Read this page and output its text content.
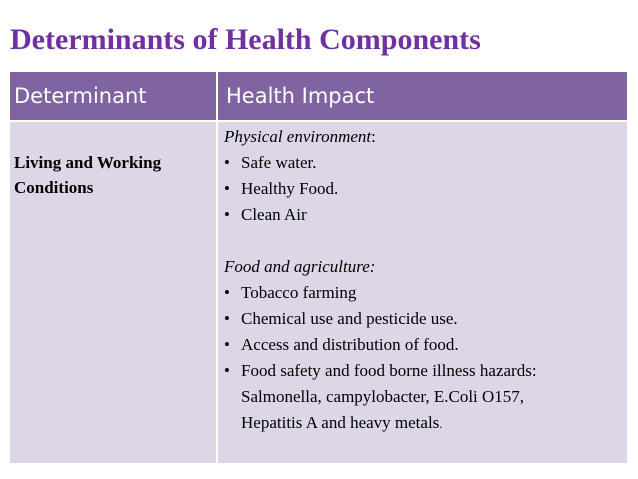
Determinants of Health Components
Determinant	Health Impact
Living and Working
Conditions
Physical environment:
• Safe water.
• Healthy Food.
• Clean Air
Food and agriculture:
• Tobacco farming
• Chemical use and pesticide use.
• Access and distribution of food.
• Food safety and food borne illness hazards:
Salmonella, campylobacter, E.Coli O157,
Hepatitis A and heavy metals.
